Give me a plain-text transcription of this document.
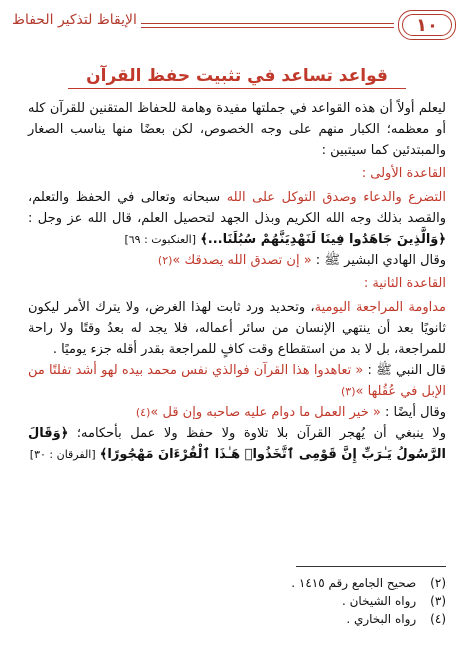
الإيقاظ لتذكير الحفاظ	١٠
قواعد تساعد في تثبيت حفظ القرآن

ليعلم أولاً أن هذه القواعد في جملتها مفيدة وهامة للحفاظ المتقنين للقرآن كله أو معظمه؛ الكبار منهم على وجه الخصوص، لكن بعضًا منها يناسب الصغار والمبتدئين كما سيتبين :

القاعدة الأولى :

التضرع والدعاء وصدق التوكل على الله سبحانه وتعالى في الحفظ والتعلم، والقصد بذلك وجه الله الكريم وبذل الجهد لتحصيل العلم، قال الله عز وجل : ﴿وَالَّذِينَ جَاهَدُوا فِينَا لَنَهْدِيَنَّهُمْ سُبُلَنَا...﴾ [العنكبوت : ٦٩]

وقال الهادي البشير ﷺ : « إن تصدق الله يصدقك »(٢)

القاعدة الثانية :

مداومة المراجعة اليومية، وتحديد ورد ثابت لهذا الغرض، ولا يترك الأمر ليكون ثانويًا بعد أن ينتهي الإنسان من سائر أعماله، فلا يجد له بعدُ وقتًا ولا راحة للمراجعة، بل لا بد من استقطاع وقت كافٍ للمراجعة بقدر أقله جزء يوميًا .

قال النبي ﷺ : « تعاهدوا هذا القرآن فوالذي نفس محمد بيده لهو أشد تفلتًا من الإبل في عُقُلها »(٣)

وقال أيضًا : « خير العمل ما دوام عليه صاحبه وإن قل »(٤)

ولا ينبغي أن يُهجر القرآن بلا تلاوة ولا حفظ ولا عمل بأحكامه؛ ﴿وَقَالَ الرَّسُولُ يَـٰرَبِّ إِنَّ قَوْمِى ٱتَّخَذُوا۟ هَـٰذَا ٱلْقُرْءَانَ مَهْجُورًا﴾ [الفرقان : ٣٠]

(٢) صحيح الجامع رقم ١٤١٥ .
(٣) رواه الشيخان .
(٤) رواه البخاري .
